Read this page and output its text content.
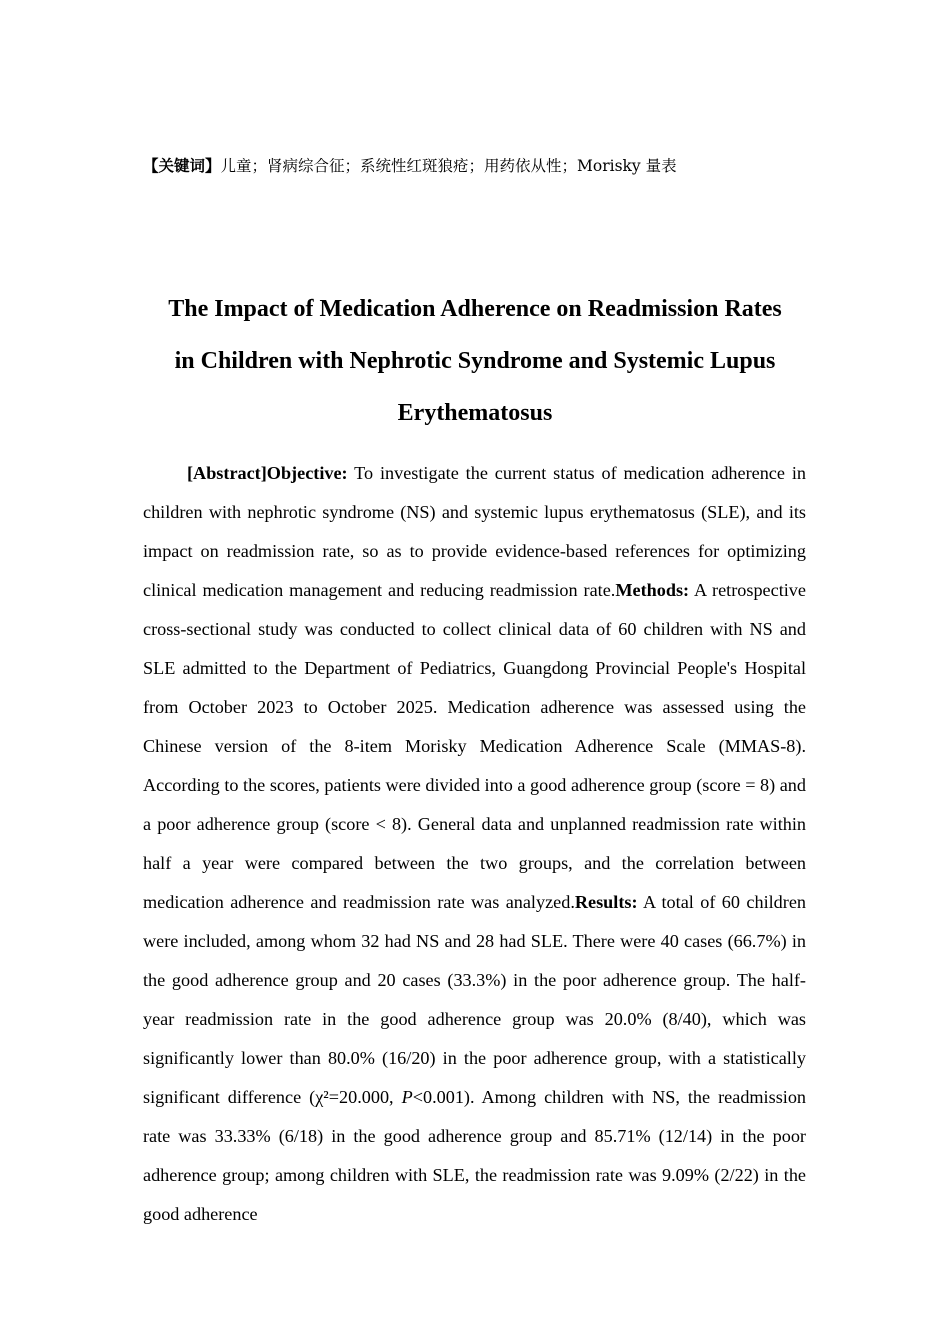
【关键词】儿童；肾病综合征；系统性红斑狼疮；用药依从性；Morisky 量表
The Impact of Medication Adherence on Readmission Rates
in Children with Nephrotic Syndrome and Systemic Lupus
Erythematosus

[Abstract]Objective: To investigate the current status of medication adherence in children with nephrotic syndrome (NS) and systemic lupus erythematosus (SLE), and its impact on readmission rate, so as to provide evidence-based references for optimizing clinical medication management and reducing readmission rate.Methods: A retrospective cross-sectional study was conducted to collect clinical data of 60 children with NS and SLE admitted to the Department of Pediatrics, Guangdong Provincial People's Hospital from October 2023 to October 2025. Medication adherence was assessed using the Chinese version of the 8-item Morisky Medication Adherence Scale (MMAS-8). According to the scores, patients were divided into a good adherence group (score = 8) and a poor adherence group (score < 8). General data and unplanned readmission rate within half a year were compared between the two groups, and the correlation between medication adherence and readmission rate was analyzed.Results: A total of 60 children were included, among whom 32 had NS and 28 had SLE. There were 40 cases (66.7%) in the good adherence group and 20 cases (33.3%) in the poor adherence group. The half-year readmission rate in the good adherence group was 20.0% (8/40), which was significantly lower than 80.0% (16/20) in the poor adherence group, with a statistically significant difference (χ²=20.000, P<0.001). Among children with NS, the readmission rate was 33.33% (6/18) in the good adherence group and 85.71% (12/14) in the poor adherence group; among children with SLE, the readmission rate was 9.09% (2/22) in the good adherence
